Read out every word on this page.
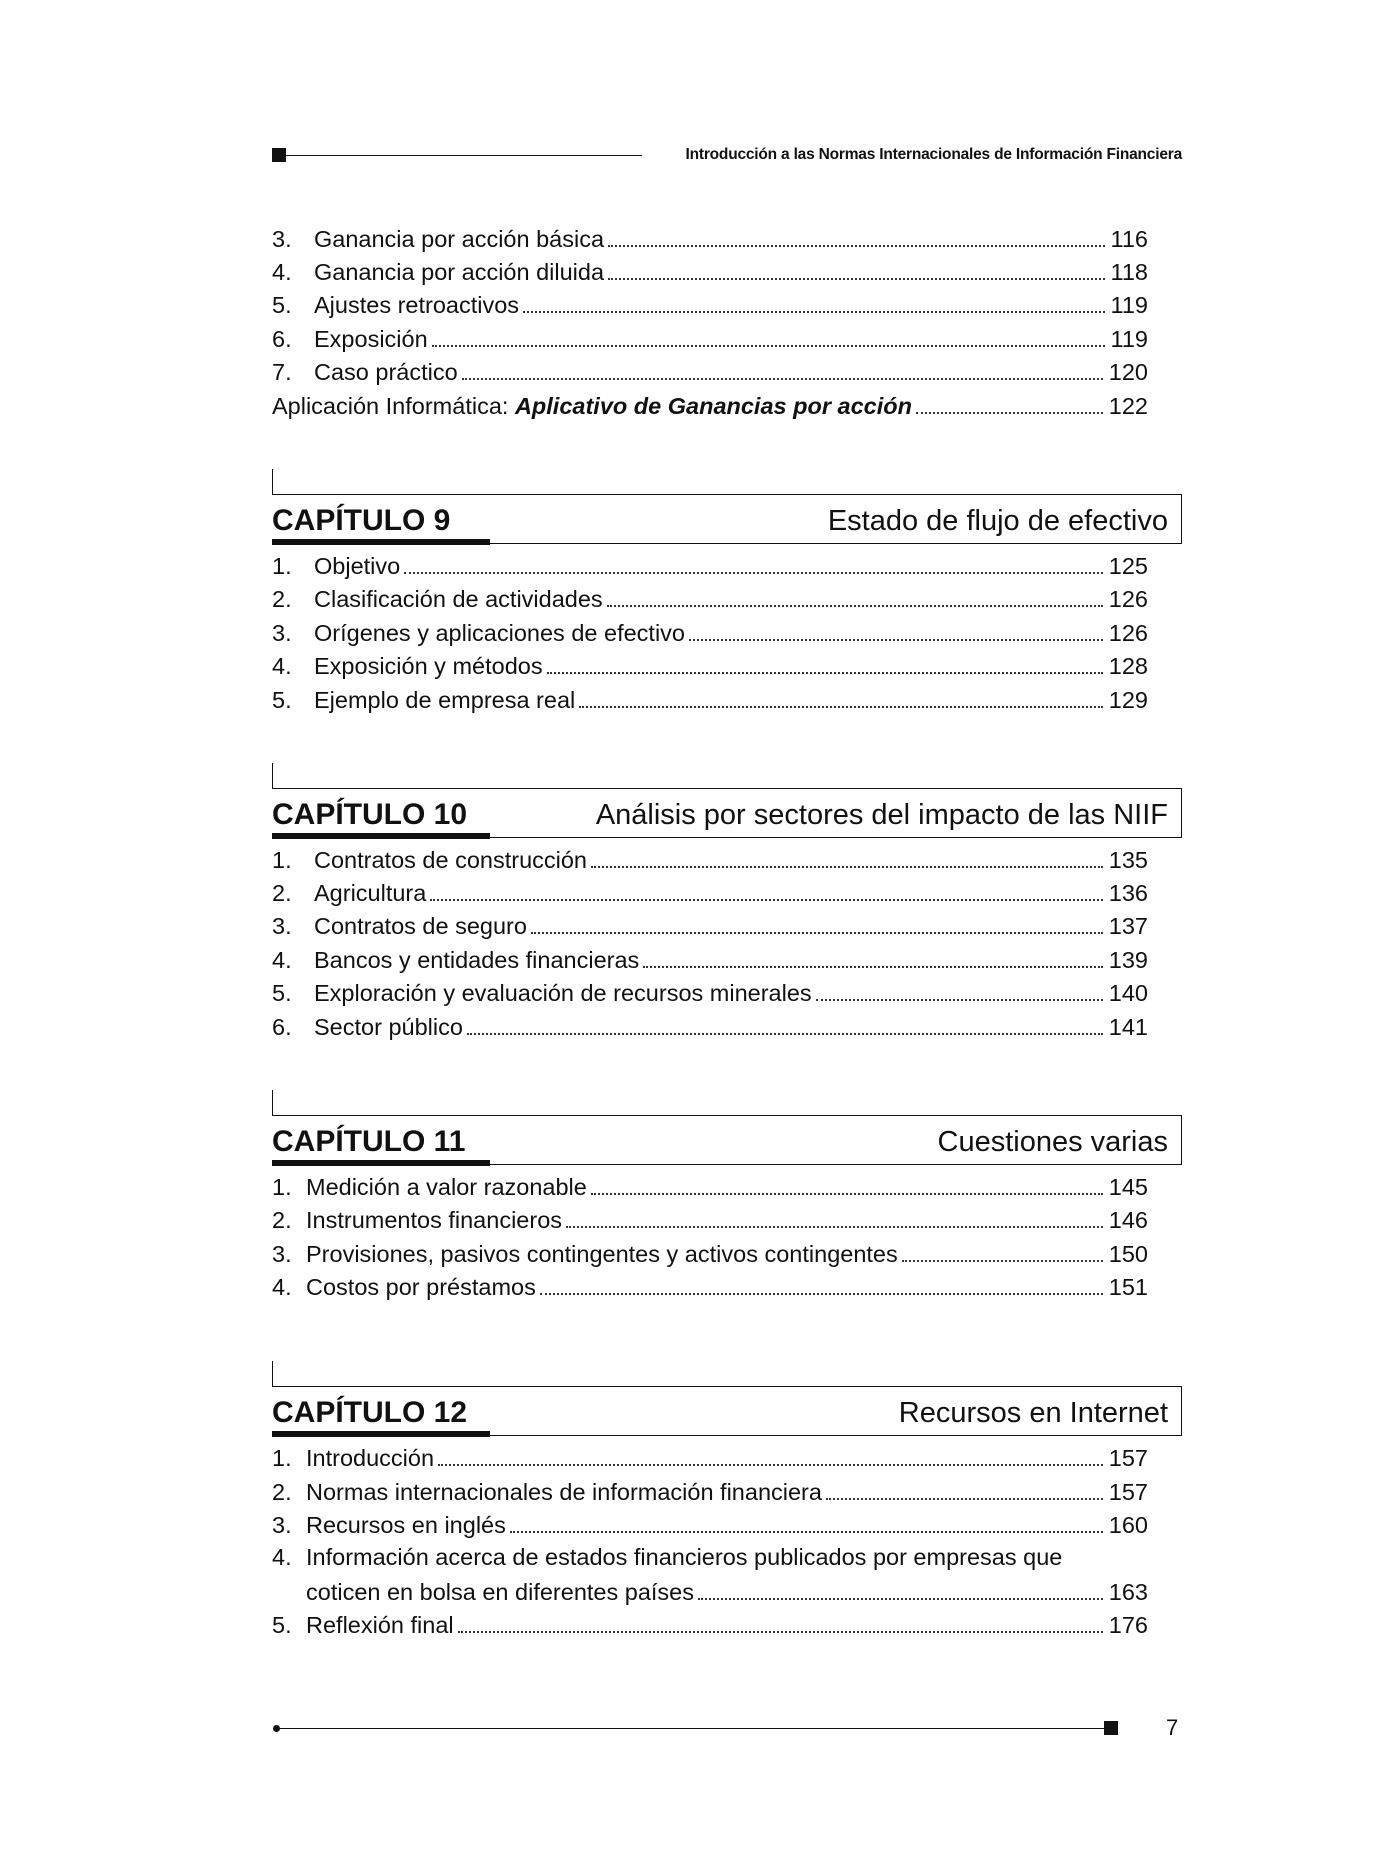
Introducción a las Normas Internacionales de Información Financiera
3. Ganancia por acción básica	116
4. Ganancia por acción diluida	118
5. Ajustes retroactivos	119
6. Exposición	119
7. Caso práctico	120
Aplicación Informática: Aplicativo de Ganancias por acción	122
CAPÍTULO 9	Estado de flujo de efectivo
1. Objetivo	125
2. Clasificación de actividades	126
3. Orígenes y aplicaciones de efectivo	126
4. Exposición y métodos	128
5. Ejemplo de empresa real	129
CAPÍTULO 10	Análisis por sectores del impacto de las NIIF
1. Contratos de construcción	135
2. Agricultura	136
3. Contratos de seguro	137
4. Bancos y entidades financieras	139
5. Exploración y evaluación de recursos minerales	140
6. Sector público	141
CAPÍTULO 11	Cuestiones varias
1. Medición a valor razonable	145
2. Instrumentos financieros	146
3. Provisiones, pasivos contingentes y activos contingentes	150
4. Costos por préstamos	151
CAPÍTULO 12	Recursos en Internet
1. Introducción	157
2. Normas internacionales de información financiera	157
3. Recursos en inglés	160
4. Información acerca de estados financieros publicados por empresas que
coticen en bolsa en diferentes países	163
5. Reflexión final	176
7
